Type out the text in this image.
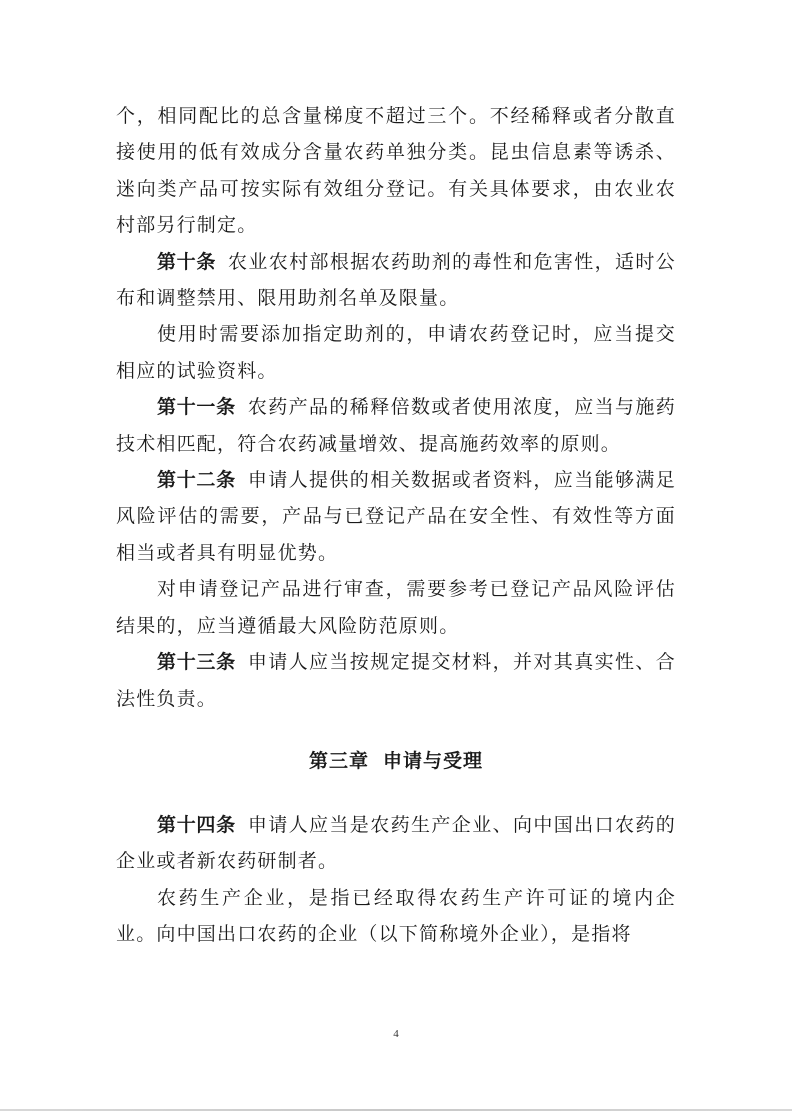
个，相同配比的总含量梯度不超过三个。不经稀释或者分散直接使用的低有效成分含量农药单独分类。昆虫信息素等诱杀、迷向类产品可按实际有效组分登记。有关具体要求，由农业农村部另行制定。

第十条 农业农村部根据农药助剂的毒性和危害性，适时公布和调整禁用、限用助剂名单及限量。

使用时需要添加指定助剂的，申请农药登记时，应当提交相应的试验资料。

第十一条 农药产品的稀释倍数或者使用浓度，应当与施药技术相匹配，符合农药减量增效、提高施药效率的原则。

第十二条 申请人提供的相关数据或者资料，应当能够满足风险评估的需要，产品与已登记产品在安全性、有效性等方面相当或者具有明显优势。

对申请登记产品进行审查，需要参考已登记产品风险评估结果的，应当遵循最大风险防范原则。

第十三条 申请人应当按规定提交材料，并对其真实性、合法性负责。

第三章 申请与受理

第十四条 申请人应当是农药生产企业、向中国出口农药的企业或者新农药研制者。

农药生产企业，是指已经取得农药生产许可证的境内企业。向中国出口农药的企业（以下简称境外企业），是指将

4
